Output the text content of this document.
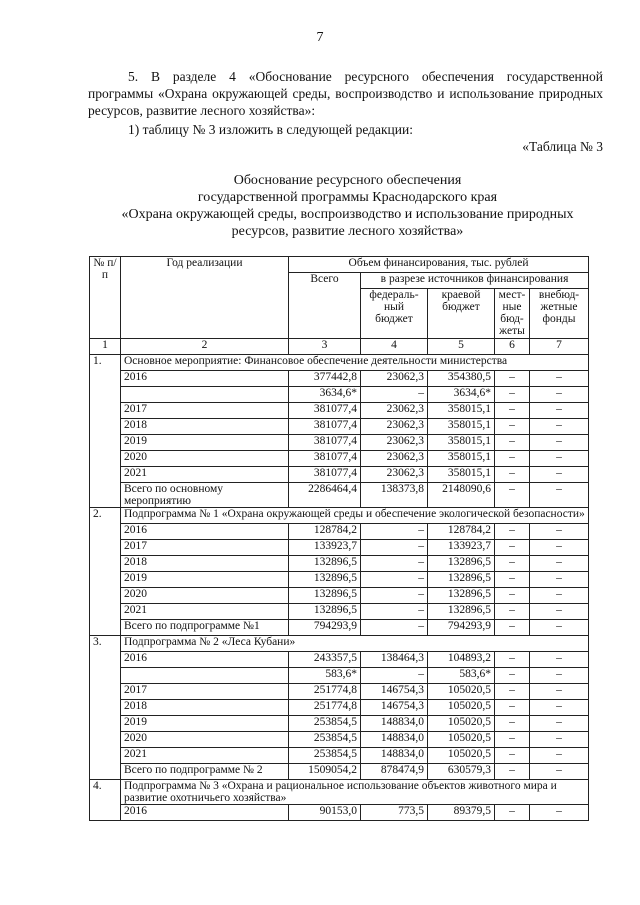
7
5. В разделе 4 «Обоснование ресурсного обеспечения государственной программы «Охрана окружающей среды, воспроизводство и использование природных ресурсов, развитие лесного хозяйства»:
1) таблицу № 3 изложить в следующей редакции:
«Таблица № 3
Обоснование ресурсного обеспечения
государственной программы Краснодарского края
«Охрана окружающей среды, воспроизводство и использование природных
ресурсов, развитие лесного хозяйства»
№ п/п	Год реализации	Объем финансирования, тыс. рублей				
		Всего	в разрезе источников финансирования			
			федераль-ный бюджет	краевой бюджет	мест-ные бюд-жеты	внебюд-жетные фонды
1	2	3	4	5	6	7
1.	Основное мероприятие: Финансовое обеспечение деятельности министерства					
	2016	377442,8	23062,3	354380,5	–	–
		3634,6*	–	3634,6*	–	–
	2017	381077,4	23062,3	358015,1	–	–
	2018	381077,4	23062,3	358015,1	–	–
	2019	381077,4	23062,3	358015,1	–	–
	2020	381077,4	23062,3	358015,1	–	–
	2021	381077,4	23062,3	358015,1	–	–
	Всего по основному мероприятию	2286464,4	138373,8	2148090,6	–	–
2.	Подпрограмма № 1 «Охрана окружающей среды и обеспечение экологической безопасности»					
	2016	128784,2	–	128784,2	–	–
	2017	133923,7	–	133923,7	–	–
	2018	132896,5	–	132896,5	–	–
	2019	132896,5	–	132896,5	–	–
	2020	132896,5	–	132896,5	–	–
	2021	132896,5	–	132896,5	–	–
	Всего по подпрограмме №1	794293,9	–	794293,9	–	–
3.	Подпрограмма № 2 «Леса Кубани»					
	2016	243357,5	138464,3	104893,2	–	–
		583,6*	–	583,6*	–	–
	2017	251774,8	146754,3	105020,5	–	–
	2018	251774,8	146754,3	105020,5	–	–
	2019	253854,5	148834,0	105020,5	–	–
	2020	253854,5	148834,0	105020,5	–	–
	2021	253854,5	148834,0	105020,5	–	–
	Всего по подпрограмме № 2	1509054,2	878474,9	630579,3	–	–
4.	Подпрограмма № 3 «Охрана и рациональное использование объектов животного мира и развитие охотничьего хозяйства»					
	2016	90153,0	773,5	89379,5	–	–
